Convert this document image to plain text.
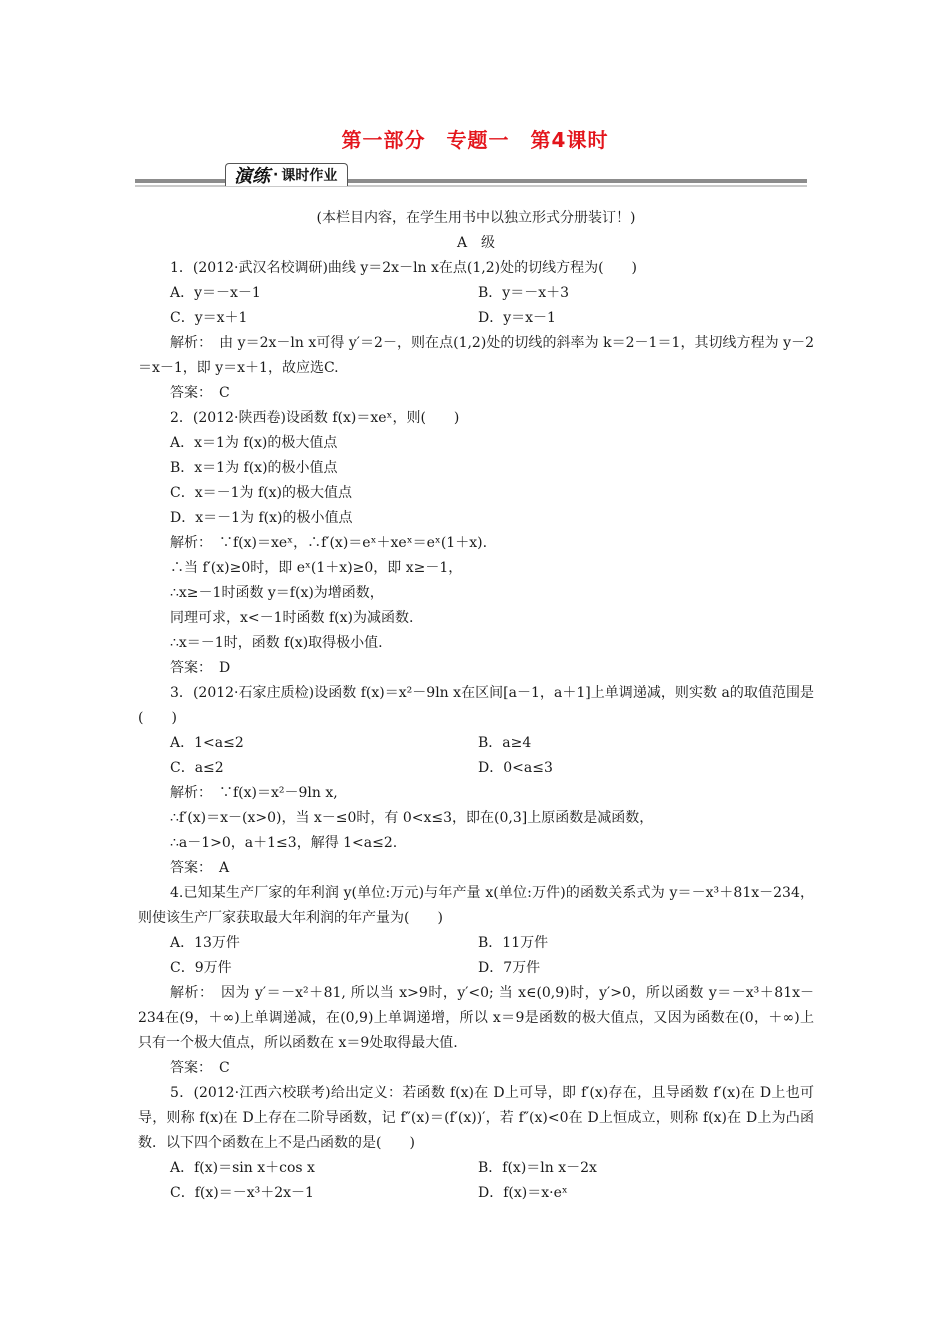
第一部分　专题一　第4课时
演练 · 课时作业
(本栏目内容，在学生用书中以独立形式分册装订！)
A　级
1．(2012·武汉名校调研)曲线 y＝2x－ln x在点(1,2)处的切线方程为(　　)
A．y＝－x－1	B．y＝－x＋3
C．y＝x＋1	D．y＝x－1
解析：　由 y＝2x－ln x可得 y′＝2－，则在点(1,2)处的切线的斜率为 k＝2－1＝1，其切线方程为 y－2＝x－1，即 y＝x＋1，故应选C.
答案：　C
2．(2012·陕西卷)设函数 f(x)＝xeˣ，则(　　)
A．x＝1为 f(x)的极大值点
B．x＝1为 f(x)的极小值点
C．x＝－1为 f(x)的极大值点
D．x＝－1为 f(x)的极小值点
解析：　∵f(x)＝xeˣ，∴f′(x)＝eˣ＋xeˣ＝eˣ(1＋x).
∴当 f′(x)≥0时，即 eˣ(1＋x)≥0，即 x≥－1，
∴x≥－1时函数 y＝f(x)为增函数，
同理可求，x<－1时函数 f(x)为减函数.
∴x＝－1时，函数 f(x)取得极小值.
答案：　D
3．(2012·石家庄质检)设函数 f(x)＝x²－9ln x在区间[a－1，a＋1]上单调递减，则实数 a的取值范围是(　　)
A．1<a≤2	B．a≥4
C．a≤2	D．0<a≤3
解析：　∵f(x)＝x²－9ln x,
∴f′(x)＝x－(x>0)，当 x－≤0时，有 0<x≤3，即在(0,3]上原函数是减函数，
∴a－1>0，a＋1≤3，解得 1<a≤2.
答案：　A
4.已知某生产厂家的年利润 y(单位:万元)与年产量 x(单位:万件)的函数关系式为 y＝－x³＋81x－234，则使该生产厂家获取最大年利润的年产量为(　　)
A．13万件	B．11万件
C．9万件	D．7万件
解析：　因为 y′＝－x²＋81, 所以当 x>9时，y′<0; 当 x∈(0,9)时，y′>0，所以函数 y＝－x³＋81x－234在(9，＋∞)上单调递减，在(0,9)上单调递增，所以 x＝9是函数的极大值点，又因为函数在(0，＋∞)上只有一个极大值点，所以函数在 x＝9处取得最大值.
答案：　C
5．(2012·江西六校联考)给出定义：若函数 f(x)在 D上可导，即 f′(x)存在，且导函数 f′(x)在 D上也可导，则称 f(x)在 D上存在二阶导函数，记 f″(x)＝(f′(x))′，若 f″(x)<0在 D上恒成立，则称 f(x)在 D上为凸函数．以下四个函数在上不是凸函数的是(　　)
A．f(x)＝sin x＋cos x	B．f(x)＝ln x－2x
C．f(x)＝－x³＋2x－1	D．f(x)＝x·eˣ
